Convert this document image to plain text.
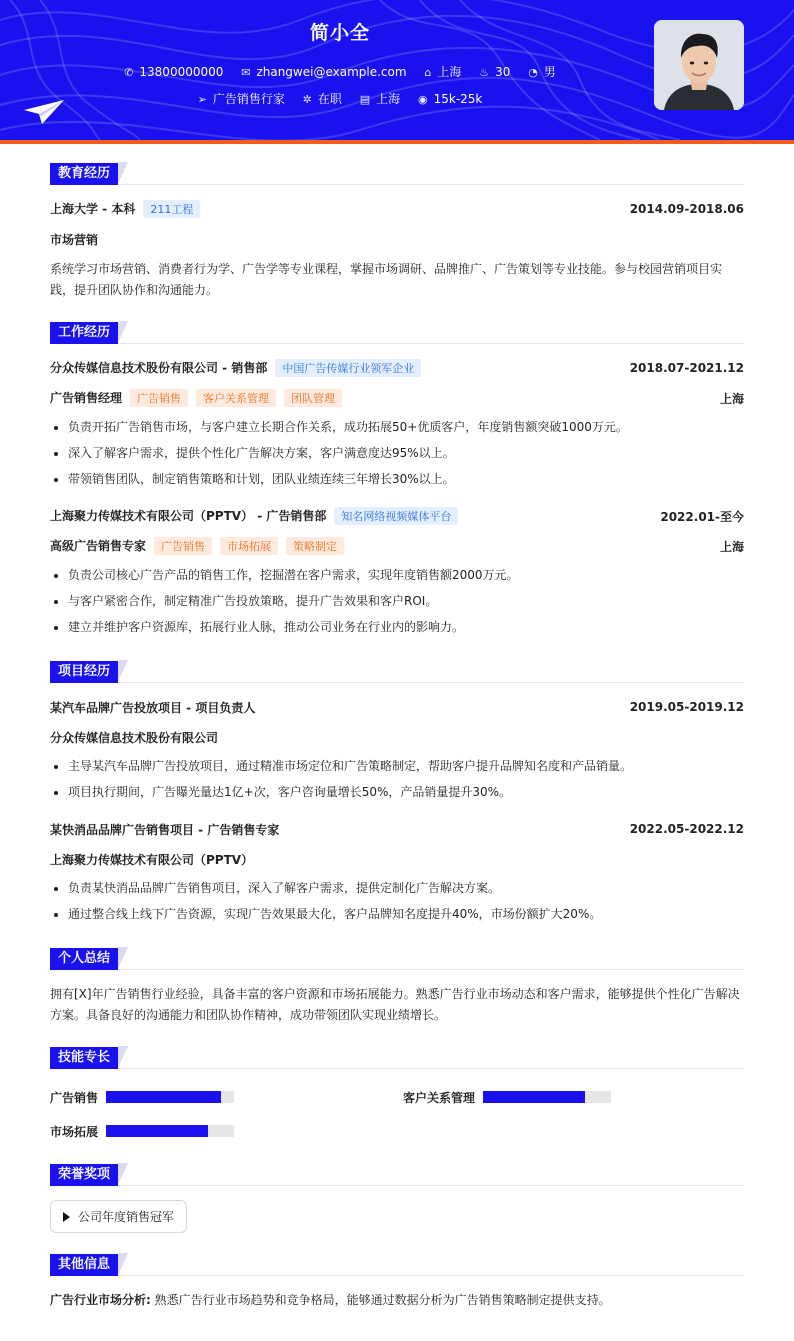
简小全
✆ 13800000000 ✉ zhangwei@example.com ⌂ 上海 ♨ 30 ◔ 男
➢ 广告销售行家 ✲ 在职 ▤ 上海 ◉ 15k-25k
教育经历
上海大学 - 本科 211工程	2014.09-2018.06
市场营销
系统学习市场营销、消费者行为学、广告学等专业课程，掌握市场调研、品牌推广、广告策划等专业技能。参与校园营销项目实践，提升团队协作和沟通能力。
工作经历
分众传媒信息技术股份有限公司 - 销售部 中国广告传媒行业领军企业	2018.07-2021.12
广告销售经理 广告销售 客户关系管理 团队管理	上海
• 负责开拓广告销售市场，与客户建立长期合作关系，成功拓展50+优质客户，年度销售额突破1000万元。
• 深入了解客户需求，提供个性化广告解决方案，客户满意度达95%以上。
• 带领销售团队，制定销售策略和计划，团队业绩连续三年增长30%以上。
上海聚力传媒技术有限公司（PPTV） - 广告销售部 知名网络视频媒体平台	2022.01-至今
高级广告销售专家 广告销售 市场拓展 策略制定	上海
• 负责公司核心广告产品的销售工作，挖掘潜在客户需求，实现年度销售额2000万元。
• 与客户紧密合作，制定精准广告投放策略，提升广告效果和客户ROI。
• 建立并维护客户资源库，拓展行业人脉，推动公司业务在行业内的影响力。
项目经历
某汽车品牌广告投放项目 - 项目负责人	2019.05-2019.12
分众传媒信息技术股份有限公司
• 主导某汽车品牌广告投放项目，通过精准市场定位和广告策略制定，帮助客户提升品牌知名度和产品销量。
• 项目执行期间，广告曝光量达1亿+次，客户咨询量增长50%，产品销量提升30%。
某快消品品牌广告销售项目 - 广告销售专家	2022.05-2022.12
上海聚力传媒技术有限公司（PPTV）
• 负责某快消品品牌广告销售项目，深入了解客户需求，提供定制化广告解决方案。
• 通过整合线上线下广告资源，实现广告效果最大化，客户品牌知名度提升40%，市场份额扩大20%。
个人总结
拥有[X]年广告销售行业经验，具备丰富的客户资源和市场拓展能力。熟悉广告行业市场动态和客户需求，能够提供个性化广告解决方案。具备良好的沟通能力和团队协作精神，成功带领团队实现业绩增长。
技能专长
广告销售	客户关系管理
市场拓展
荣誉奖项
公司年度销售冠军
其他信息
广告行业市场分析: 熟悉广告行业市场趋势和竞争格局，能够通过数据分析为广告销售策略制定提供支持。
